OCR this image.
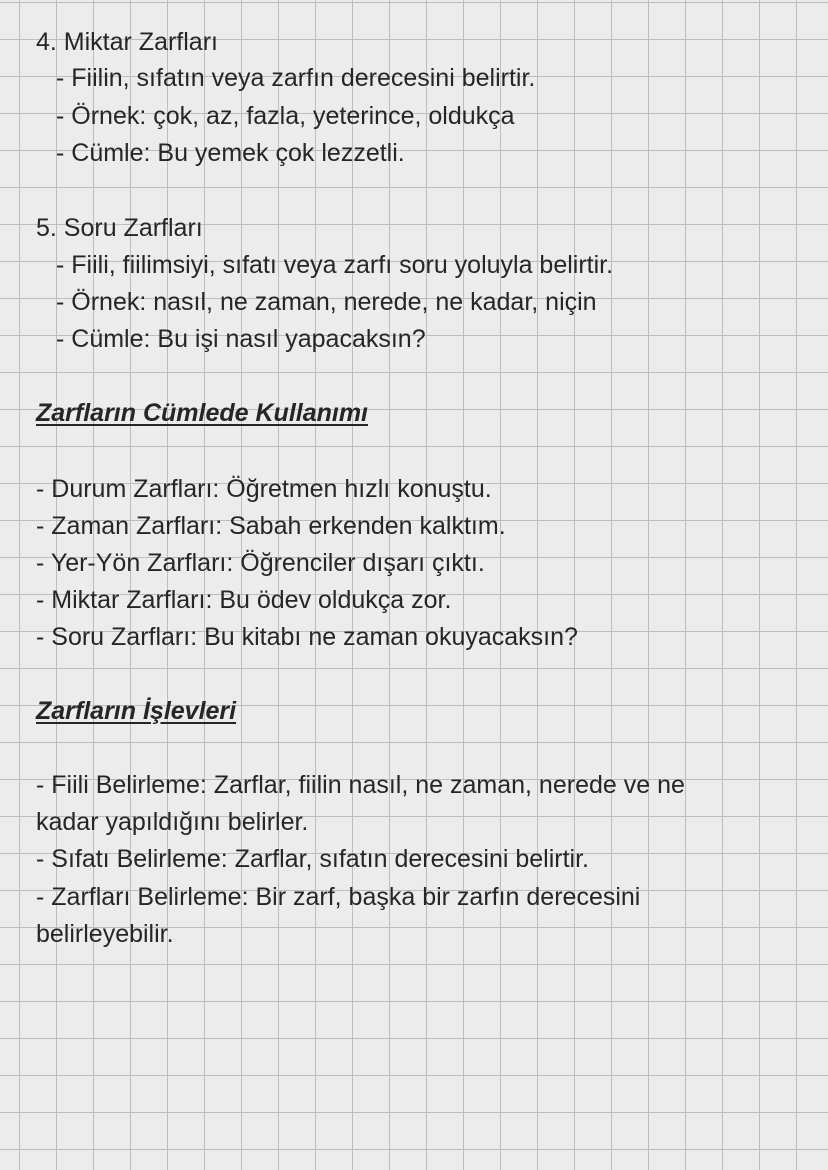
4. Miktar Zarfları

- Fiilin, sıfatın veya zarfın derecesini belirtir.

- Örnek: çok, az, fazla, yeterince, oldukça

- Cümle: Bu yemek çok lezzetli.

5. Soru Zarfları

- Fiili, fiilimsiyi, sıfatı veya zarfı soru yoluyla belirtir.

- Örnek: nasıl, ne zaman, nerede, ne kadar, niçin

- Cümle: Bu işi nasıl yapacaksın?

Zarfların Cümlede Kullanımı

- Durum Zarfları: Öğretmen hızlı konuştu.

- Zaman Zarfları: Sabah erkenden kalktım.

- Yer-Yön Zarfları: Öğrenciler dışarı çıktı.

- Miktar Zarfları: Bu ödev oldukça zor.

- Soru Zarfları: Bu kitabı ne zaman okuyacaksın?

Zarfların İşlevleri

- Fiili Belirleme: Zarflar, fiilin nasıl, ne zaman, nerede ve ne

kadar yapıldığını belirler.

- Sıfatı Belirleme: Zarflar, sıfatın derecesini belirtir.

- Zarfları Belirleme: Bir zarf, başka bir zarfın derecesini

belirleyebilir.
